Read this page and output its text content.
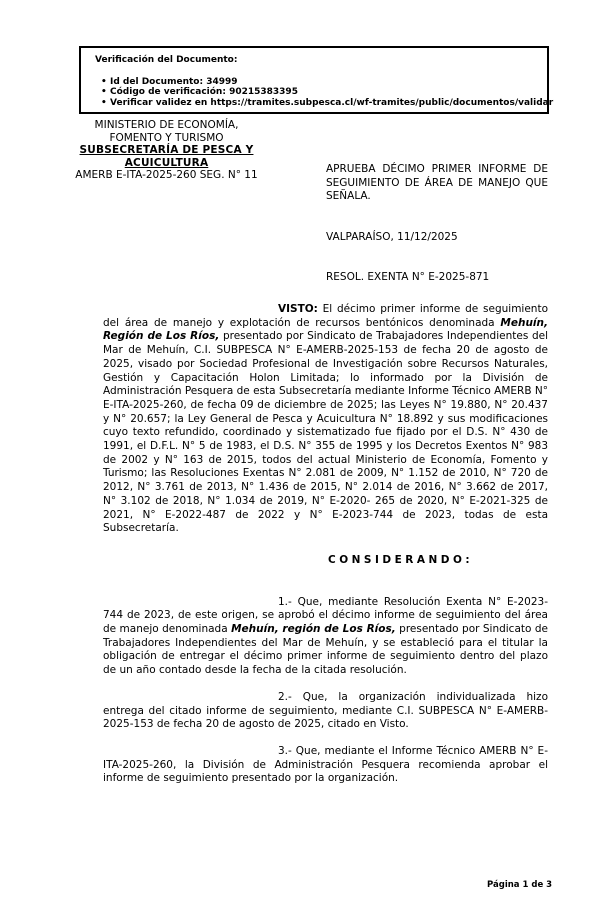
Verificación del Documento:
• Id del Documento: 34999
• Código de verificación: 90215383395
• Verificar validez en https://tramites.subpesca.cl/wf-tramites/public/documentos/validar
MINISTERIO DE ECONOMÍA,
FOMENTO Y TURISMO
SUBSECRETARÍA DE PESCA Y ACUICULTURA
AMERB E-ITA-2025-260 SEG. N° 11
APRUEBA DÉCIMO PRIMER INFORME DE SEGUIMIENTO DE ÁREA DE MANEJO QUE SEÑALA.
VALPARAÍSO, 11/12/2025
RESOL. EXENTA N° E-2025-871

VISTO: El décimo primer informe de seguimiento del área de manejo y explotación de recursos bentónicos denominada Mehuín, Región de Los Ríos, presentado por Sindicato de Trabajadores Independientes del Mar de Mehuín, C.I. SUBPESCA N° E-AMERB-2025-153 de fecha 20 de agosto de 2025, visado por Sociedad Profesional de Investigación sobre Recursos Naturales, Gestión y Capacitación Holon Limitada; lo informado por la División de Administración Pesquera de esta Subsecretaría mediante Informe Técnico AMERB N° E-ITA-2025-260, de fecha 09 de diciembre de 2025; las Leyes N° 19.880, N° 20.437 y N° 20.657; la Ley General de Pesca y Acuicultura N° 18.892 y sus modificaciones cuyo texto refundido, coordinado y sistematizado fue fijado por el D.S. N° 430 de 1991, el D.F.L. N° 5 de 1983, el D.S. N° 355 de 1995 y los Decretos Exentos N° 983 de 2002 y N° 163 de 2015, todos del actual Ministerio de Economía, Fomento y Turismo; las Resoluciones Exentas N° 2.081 de 2009, N° 1.152 de 2010, N° 720 de 2012, N° 3.761 de 2013, N° 1.436 de 2015, N° 2.014 de 2016, N° 3.662 de 2017, N° 3.102 de 2018, N° 1.034 de 2019, N° E-2020- 265 de 2020, N° E-2021-325 de 2021, N° E-2022-487 de 2022 y N° E-2023-744 de 2023, todas de esta Subsecretaría.

CONSIDERANDO:

1.- Que, mediante Resolución Exenta N° E-2023-744 de 2023, de este origen, se aprobó el décimo informe de seguimiento del área de manejo denominada Mehuín, región de Los Ríos, presentado por Sindicato de Trabajadores Independientes del Mar de Mehuín, y se estableció para el titular la obligación de entregar el décimo primer informe de seguimiento dentro del plazo de un año contado desde la fecha de la citada resolución.

2.- Que, la organización individualizada hizo entrega del citado informe de seguimiento, mediante C.I. SUBPESCA N° E-AMERB-2025-153 de fecha 20 de agosto de 2025, citado en Visto.

3.- Que, mediante el Informe Técnico AMERB N° E-ITA-2025-260, la División de Administración Pesquera recomienda aprobar el informe de seguimiento presentado por la organización.

Página 1 de 3
